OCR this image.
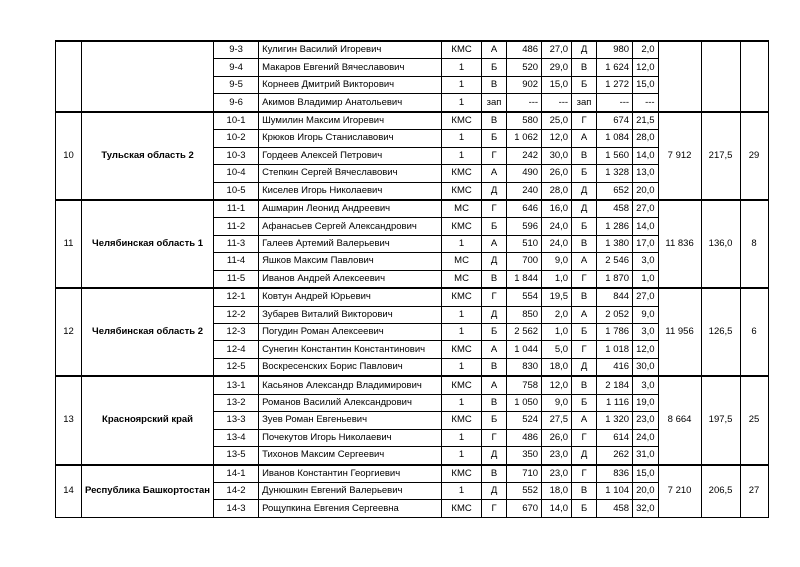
		9-3	Кулигин Василий Игоревич	КМС	А	486	27,0	Д	980	2,0			
		9-4	Макаров Евгений Вячеславович	1	Б	520	29,0	В	1 624	12,0			
		9-5	Корнеев Дмитрий Викторович	1	В	902	15,0	Б	1 272	15,0			
		9-6	Акимов Владимир Анатольевич	1	зап	---	---	зап	---	---			
10	Тульская область 2	10-1	Шумилин Максим Игоревич	КМС	В	580	25,0	Г	674	21,5	7 912	217,5	29
		10-2	Крюков Игорь Станиславович	1	Б	1 062	12,0	А	1 084	28,0			
		10-3	Гордеев Алексей Петрович	1	Г	242	30,0	В	1 560	14,0			
		10-4	Степкин Сергей Вячеславович	КМС	А	490	26,0	Б	1 328	13,0			
		10-5	Киселев Игорь Николаевич	КМС	Д	240	28,0	Д	652	20,0			
11	Челябинская область 1	11-1	Ашмарин Леонид Андреевич	МС	Г	646	16,0	Д	458	27,0	11 836	136,0	8
		11-2	Афанасьев Сергей Александрович	КМС	Б	596	24,0	Б	1 286	14,0			
		11-3	Галеев Артемий Валерьевич	1	А	510	24,0	В	1 380	17,0			
		11-4	Яшков Максим Павлович	МС	Д	700	9,0	А	2 546	3,0			
		11-5	Иванов Андрей Алексеевич	МС	В	1 844	1,0	Г	1 870	1,0			
12	Челябинская область 2	12-1	Ковтун Андрей Юрьевич	КМС	Г	554	19,5	В	844	27,0	11 956	126,5	6
		12-2	Зубарев Виталий Викторович	1	Д	850	2,0	А	2 052	9,0			
		12-3	Погудин Роман Алексеевич	1	Б	2 562	1,0	Б	1 786	3,0			
		12-4	Сунегин Константин Константинович	КМС	А	1 044	5,0	Г	1 018	12,0			
		12-5	Воскресенских Борис Павлович	1	В	830	18,0	Д	416	30,0			
13	Красноярский край	13-1	Касьянов Александр Владимирович	КМС	А	758	12,0	В	2 184	3,0	8 664	197,5	25
		13-2	Романов Василий Александрович	1	В	1 050	9,0	Б	1 116	19,0			
		13-3	Зуев Роман Евгеньевич	КМС	Б	524	27,5	А	1 320	23,0			
		13-4	Почекутов Игорь Николаевич	1	Г	486	26,0	Г	614	24,0			
		13-5	Тихонов Максим Сергеевич	1	Д	350	23,0	Д	262	31,0			
14	Республика Башкортостан	14-1	Иванов Константин Георгиевич	КМС	В	710	23,0	Г	836	15,0	7 210	206,5	27
		14-2	Дунюшкин Евгений Валерьевич	1	Д	552	18,0	В	1 104	20,0			
		14-3	Рощупкина Евгения Сергеевна	КМС	Г	670	14,0	Б	458	32,0			
